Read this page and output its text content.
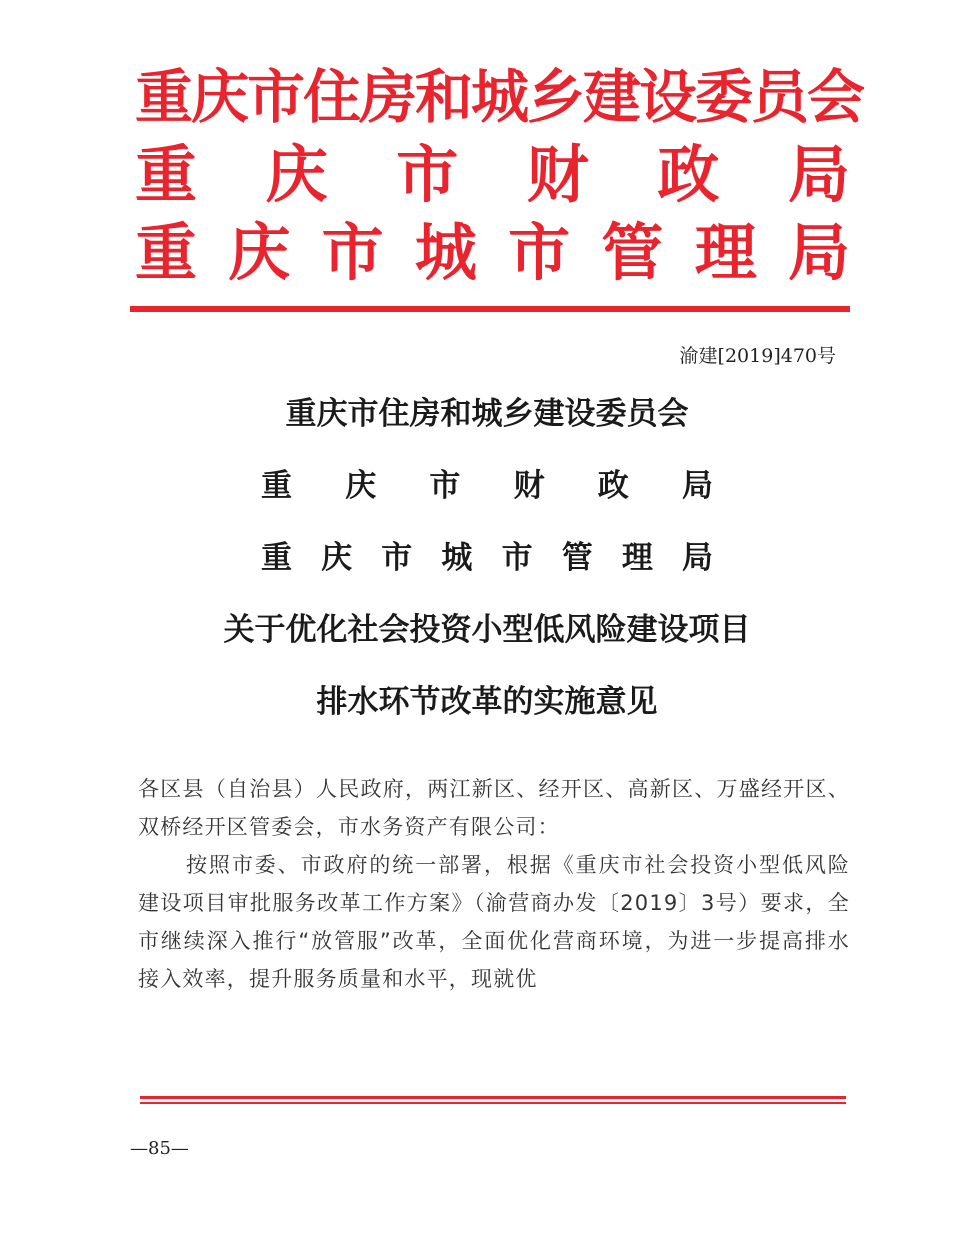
重庆市住房和城乡建设委员会
重 庆 市 财 政 局
重 庆 市 城 市 管 理 局
渝建[2019]470号
重庆市住房和城乡建设委员会
重 庆 市 财 政 局
重 庆 市 城 市 管 理 局
关于优化社会投资小型低风险建设项目
排水环节改革的实施意见

各区县（自治县）人民政府，两江新区、经开区、高新区、万盛经开区、双桥经开区管委会，市水务资产有限公司：

按照市委、市政府的统一部署，根据《重庆市社会投资小型低风险建设项目审批服务改革工作方案》（渝营商办发〔2019〕3号）要求，全市继续深入推行“放管服”改革，全面优化营商环境，为进一步提高排水接入效率，提升服务质量和水平，现就优

—85—
